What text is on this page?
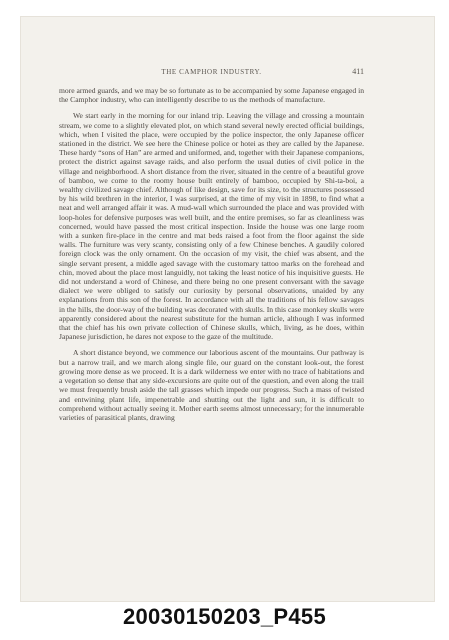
THE CAMPHOR INDUSTRY.	411

more armed guards, and we may be so fortunate as to be accompanied by some Japanese engaged in the Camphor industry, who can intelligently describe to us the methods of manufacture.

We start early in the morning for our inland trip. Leaving the village and crossing a mountain stream, we come to a slightly elevated plot, on which stand several newly erected official buildings, which, when I visited the place, were occupied by the police inspector, the only Japanese officer stationed in the district. We see here the Chinese police or hotei as they are called by the Japanese. These hardy “sons of Han” are armed and uniformed, and, together with their Japanese companions, protect the district against savage raids, and also perform the usual duties of civil police in the village and neighborhood. A short distance from the river, situated in the centre of a beautiful grove of bamboo, we come to the roomy house built entirely of bamboo, occupied by Shi-ta-boi, a wealthy civilized savage chief. Although of like design, save for its size, to the structures possessed by his wild brethren in the interior, I was surprised, at the time of my visit in 1898, to find what a neat and well arranged affair it was. A mud-wall which surrounded the place and was provided with loop-holes for defensive purposes was well built, and the entire premises, so far as cleanliness was concerned, would have passed the most critical inspection. Inside the house was one large room with a sunken fire-place in the centre and mat beds raised a foot from the floor against the side walls. The furniture was very scanty, consisting only of a few Chinese benches. A gaudily colored foreign clock was the only ornament. On the occasion of my visit, the chief was absent, and the single servant present, a middle aged savage with the customary tattoo marks on the forehead and chin, moved about the place most languidly, not taking the least notice of his inquisitive guests. He did not understand a word of Chinese, and there being no one present conversant with the savage dialect we were obliged to satisfy our curiosity by personal observations, unaided by any explanations from this son of the forest. In accordance with all the traditions of his fellow savages in the hills, the door-way of the building was decorated with skulls. In this case monkey skulls were apparently considered about the nearest substitute for the human article, although I was informed that the chief has his own private collection of Chinese skulls, which, living, as he does, within Japanese jurisdiction, he dares not expose to the gaze of the multitude.

A short distance beyond, we commence our laborious ascent of the mountains. Our pathway is but a narrow trail, and we march along single file, our guard on the constant look-out, the forest growing more dense as we proceed. It is a dark wilderness we enter with no trace of habitations and a vegetation so dense that any side-excursions are quite out of the question, and even along the trail we must frequently brush aside the tall grasses which impede our progress. Such a mass of twisted and entwining plant life, impenetrable and shutting out the light and sun, it is difficult to comprehend without actually seeing it. Mother earth seems almost unnecessary; for the innumerable varieties of parasitical plants, drawing

20030150203_P455
